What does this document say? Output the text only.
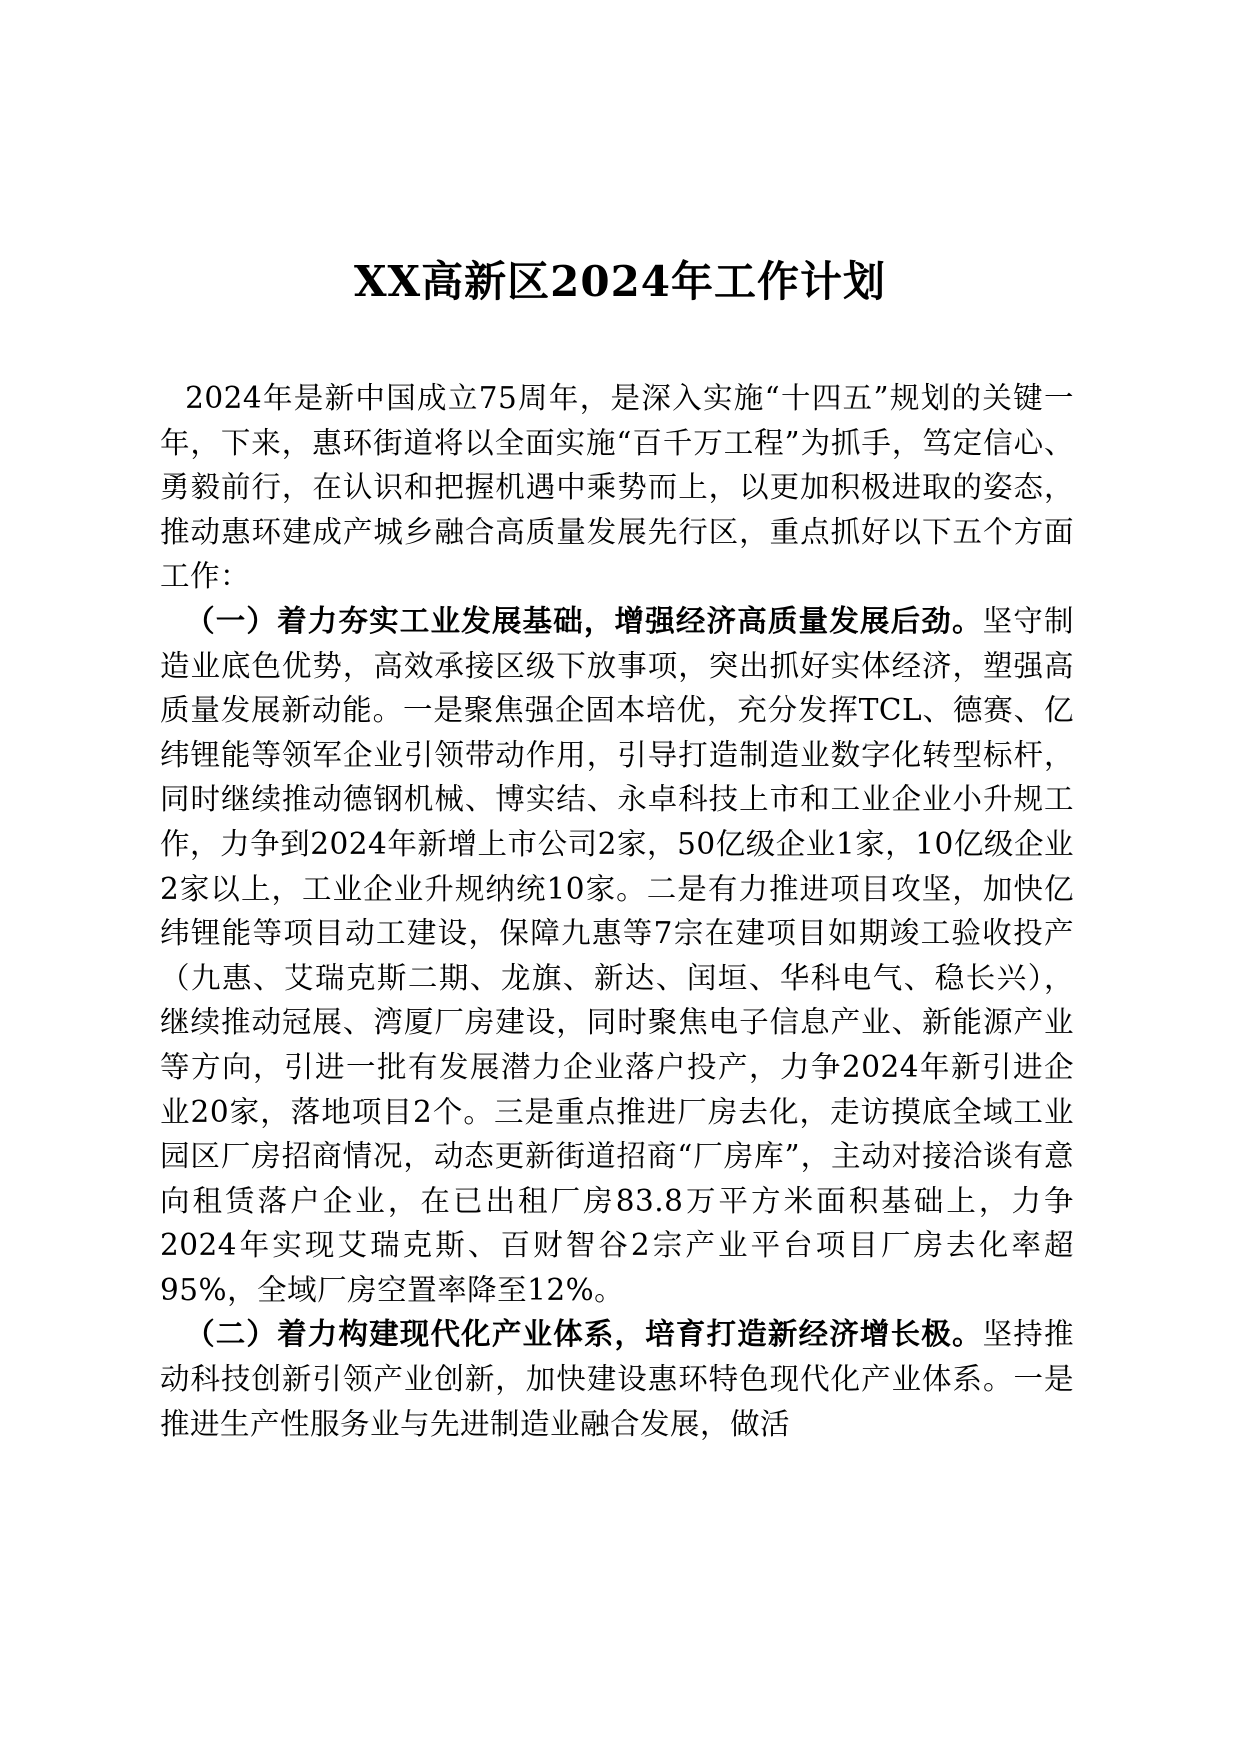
XX高新区2024年工作计划

2024年是新中国成立75周年，是深入实施“十四五”规划的关键一年，下来，惠环街道将以全面实施“百千万工程”为抓手，笃定信心、勇毅前行，在认识和把握机遇中乘势而上，以更加积极进取的姿态，推动惠环建成产城乡融合高质量发展先行区，重点抓好以下五个方面工作：

（一）着力夯实工业发展基础，增强经济高质量发展后劲。坚守制造业底色优势，高效承接区级下放事项，突出抓好实体经济，塑强高质量发展新动能。一是聚焦强企固本培优，充分发挥TCL、德赛、亿纬锂能等领军企业引领带动作用，引导打造制造业数字化转型标杆，同时继续推动德钢机械、博实结、永卓科技上市和工业企业小升规工作，力争到2024年新增上市公司2家，50亿级企业1家，10亿级企业2家以上，工业企业升规纳统10家。二是有力推进项目攻坚，加快亿纬锂能等项目动工建设，保障九惠等7宗在建项目如期竣工验收投产（九惠、艾瑞克斯二期、龙旗、新达、闰垣、华科电气、稳长兴），继续推动冠展、湾厦厂房建设，同时聚焦电子信息产业、新能源产业等方向，引进一批有发展潜力企业落户投产，力争2024年新引进企业20家，落地项目2个。三是重点推进厂房去化，走访摸底全域工业园区厂房招商情况，动态更新街道招商“厂房库”，主动对接洽谈有意向租赁落户企业，在已出租厂房83.8万平方米面积基础上，力争2024年实现艾瑞克斯、百财智谷2宗产业平台项目厂房去化率超95%，全域厂房空置率降至12%。

（二）着力构建现代化产业体系，培育打造新经济增长极。坚持推动科技创新引领产业创新，加快建设惠环特色现代化产业体系。一是推进生产性服务业与先进制造业融合发展，做活
